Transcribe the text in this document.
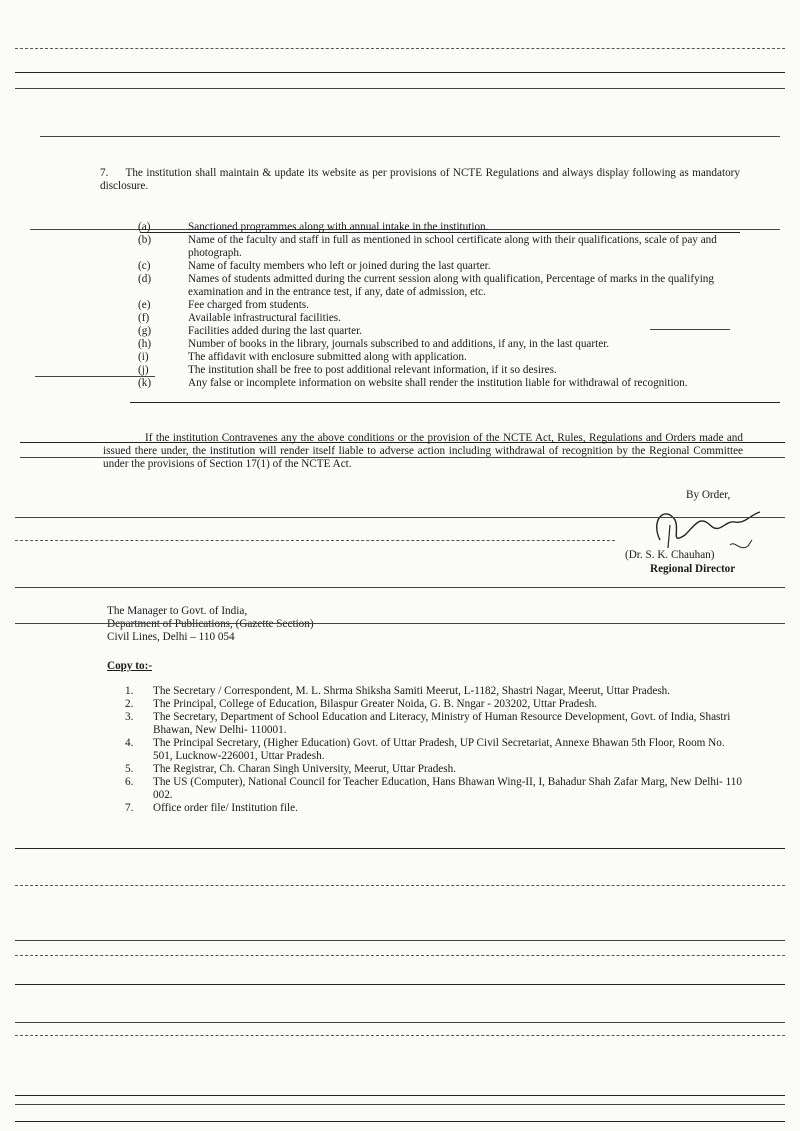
7. The institution shall maintain & update its website as per provisions of NCTE Regulations and always display following as mandatory disclosure.
(a)	Sanctioned programmes along with annual intake in the institution.
(b)	Name of the faculty and staff in full as mentioned in school certificate along with their qualifications, scale of pay and photograph.
(c)	Name of faculty members who left or joined during the last quarter.
(d)	Names of students admitted during the current session along with qualification, Percentage of marks in the qualifying examination and in the entrance test, if any, date of admission, etc.
(e)	Fee charged from students.
(f)	Available infrastructural facilities.
(g)	Facilities added during the last quarter.
(h)	Number of books in the library, journals subscribed to and additions, if any, in the last quarter.
(i)	The affidavit with enclosure submitted along with application.
(j)	The institution shall be free to post additional relevant information, if it so desires.
(k)	Any false or incomplete information on website shall render the institution liable for withdrawal of recognition.
If the institution Contravenes any the above conditions or the provision of the NCTE Act, Rules, Regulations and Orders made and issued there under, the institution will render itself liable to adverse action including withdrawal of recognition by the Regional Committee under the provisions of Section 17(1) of the NCTE Act.
By Order,
(Dr. S. K. Chauhan)
Regional Director
The Manager to Govt. of India,
Department of Publications, (Gazette Section)
Civil Lines, Delhi – 110 054
Copy to:-
1.	The Secretary / Correspondent, M. L. Shrma Shiksha Samiti Meerut, L-1182, Shastri Nagar, Meerut, Uttar Pradesh.
2.	The Principal, College of Education, Bilaspur Greater Noida, G. B. Nngar - 203202, Uttar Pradesh.
3.	The Secretary, Department of School Education and Literacy, Ministry of Human Resource Development, Govt. of India, Shastri Bhawan, New Delhi- 110001.
4.	The Principal Secretary, (Higher Education) Govt. of Uttar Pradesh, UP Civil Secretariat, Annexe Bhawan 5th Floor, Room No. 501, Lucknow-226001, Uttar Pradesh.
5.	The Registrar, Ch. Charan Singh University, Meerut, Uttar Pradesh.
6.	The US (Computer), National Council for Teacher Education, Hans Bhawan Wing-II, I, Bahadur Shah Zafar Marg, New Delhi- 110 002.
7.	Office order file/ Institution file.
